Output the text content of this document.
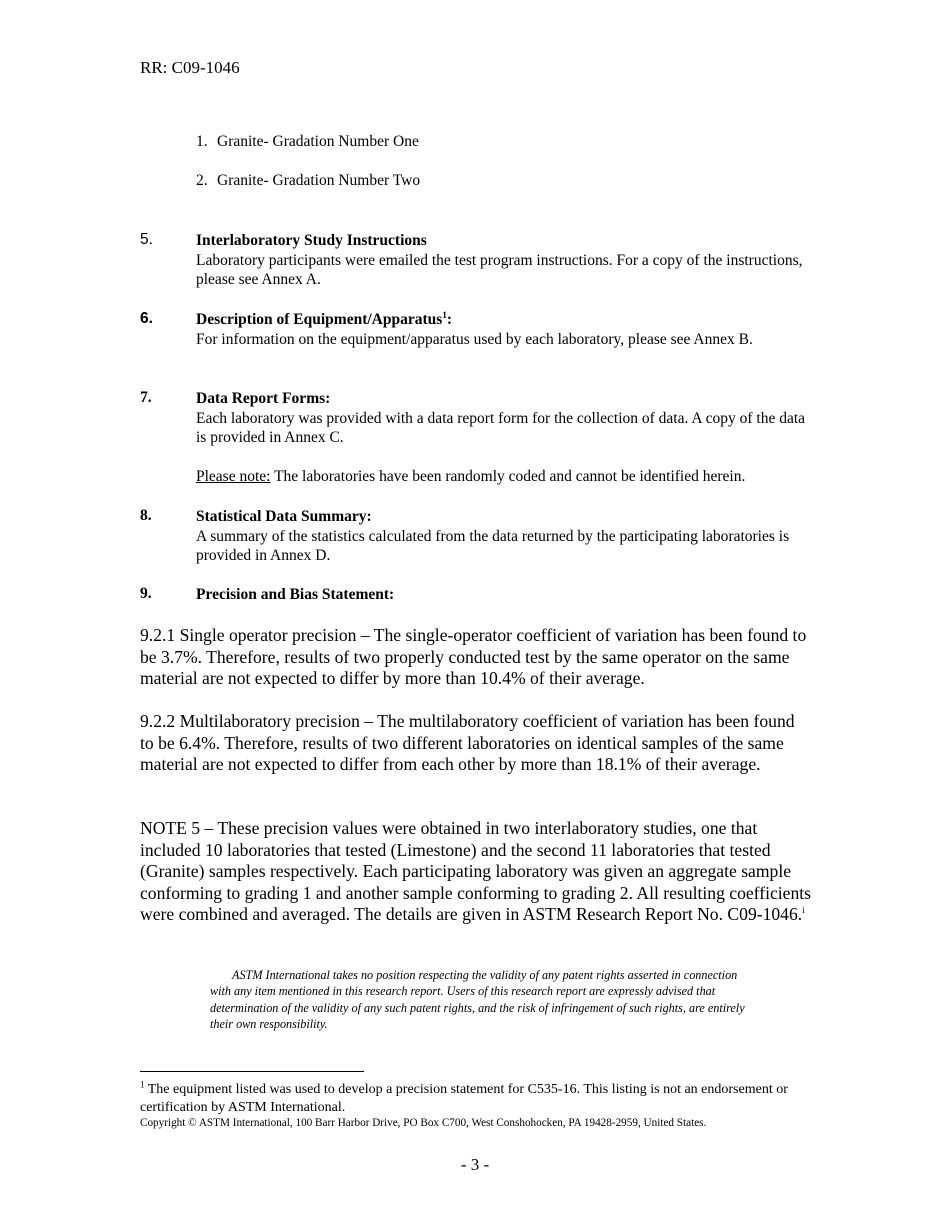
RR: C09-1046
1. Granite- Gradation Number One
2. Granite- Gradation Number Two
5.	Interlaboratory Study Instructions
Laboratory participants were emailed the test program instructions. For a copy of the instructions, please see Annex A.
6.	Description of Equipment/Apparatus$^1$:
For information on the equipment/apparatus used by each laboratory, please see Annex B.
7.	Data Report Forms:
Each laboratory was provided with a data report form for the collection of data. A copy of the data is provided in Annex C.
Please note: The laboratories have been randomly coded and cannot be identified herein.
8.	Statistical Data Summary:
A summary of the statistics calculated from the data returned by the participating laboratories is provided in Annex D.
9.	Precision and Bias Statement:
9.2.1 Single operator precision – The single-operator coefficient of variation has been found to be 3.7%. Therefore, results of two properly conducted test by the same operator on the same material are not expected to differ by more than 10.4% of their average.
9.2.2 Multilaboratory precision – The multilaboratory coefficient of variation has been found to be 6.4%. Therefore, results of two different laboratories on identical samples of the same material are not expected to differ from each other by more than 18.1% of their average.
NOTE 5 – These precision values were obtained in two interlaboratory studies, one that included 10 laboratories that tested (Limestone) and the second 11 laboratories that tested (Granite) samples respectively. Each participating laboratory was given an aggregate sample conforming to grading 1 and another sample conforming to grading 2. All resulting coefficients were combined and averaged. The details are given in ASTM Research Report No. C09-1046.$^i$
ASTM International takes no position respecting the validity of any patent rights asserted in connection with any item mentioned in this research report. Users of this research report are expressly advised that determination of the validity of any such patent rights, and the risk of infringement of such rights, are entirely their own responsibility.
$^1$ The equipment listed was used to develop a precision statement for C535-16. This listing is not an endorsement or certification by ASTM International.
Copyright © ASTM International, 100 Barr Harbor Drive, PO Box C700, West Conshohocken, PA 19428-2959, United States.
- 3 -
